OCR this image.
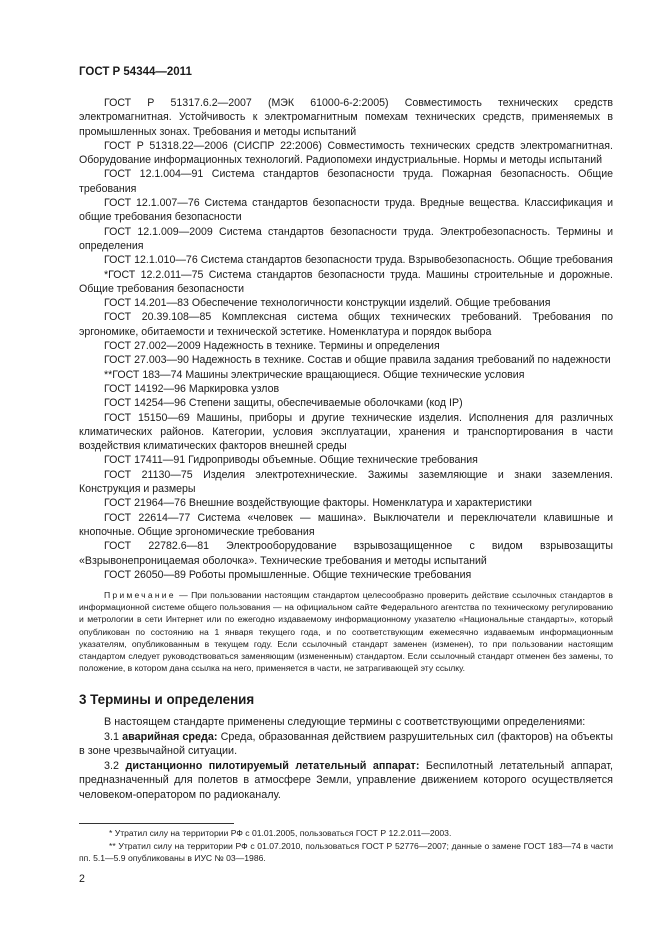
ГОСТ Р 54344—2011

ГОСТ Р 51317.6.2—2007 (МЭК 61000-6-2:2005) Совместимость технических средств электромагнитная. Устойчивость к электромагнитным помехам технических средств, применяемых в промышленных зонах. Требования и методы испытаний

ГОСТ Р 51318.22—2006 (СИСПР 22:2006) Совместимость технических средств электромагнитная. Оборудование информационных технологий. Радиопомехи индустриальные. Нормы и методы испытаний

ГОСТ 12.1.004—91 Система стандартов безопасности труда. Пожарная безопасность. Общие требования

ГОСТ 12.1.007—76 Система стандартов безопасности труда. Вредные вещества. Классификация и общие требования безопасности

ГОСТ 12.1.009—2009 Система стандартов безопасности труда. Электробезопасность. Термины и определения

ГОСТ 12.1.010—76 Система стандартов безопасности труда. Взрывобезопасность. Общие требования

*ГОСТ 12.2.011—75 Система стандартов безопасности труда. Машины строительные и дорожные. Общие требования безопасности

ГОСТ 14.201—83 Обеспечение технологичности конструкции изделий. Общие требования

ГОСТ 20.39.108—85 Комплексная система общих технических требований. Требования по эргономике, обитаемости и технической эстетике. Номенклатура и порядок выбора

ГОСТ 27.002—2009 Надежность в технике. Термины и определения

ГОСТ 27.003—90 Надежность в технике. Состав и общие правила задания требований по надежности

**ГОСТ 183—74 Машины электрические вращающиеся. Общие технические условия

ГОСТ 14192—96 Маркировка узлов

ГОСТ 14254—96 Степени защиты, обеспечиваемые оболочками (код IP)

ГОСТ 15150—69 Машины, приборы и другие технические изделия. Исполнения для различных климатических районов. Категории, условия эксплуатации, хранения и транспортирования в части воздействия климатических факторов внешней среды

ГОСТ 17411—91 Гидроприводы объемные. Общие технические требования

ГОСТ 21130—75 Изделия электротехнические. Зажимы заземляющие и знаки заземления. Конструкция и размеры

ГОСТ 21964—76 Внешние воздействующие факторы. Номенклатура и характеристики

ГОСТ 22614—77 Система «человек — машина». Выключатели и переключатели клавишные и кнопочные. Общие эргономические требования

ГОСТ 22782.6—81 Электрооборудование взрывозащищенное с видом взрывозащиты «Взрывонепроницаемая оболочка». Технические требования и методы испытаний

ГОСТ 26050—89 Роботы промышленные. Общие технические требования

Примечание — При пользовании настоящим стандартом целесообразно проверить действие ссылочных стандартов в информационной системе общего пользования — на официальном сайте Федерального агентства по техническому регулированию и метрологии в сети Интернет или по ежегодно издаваемому информационному указателю «Национальные стандарты», который опубликован по состоянию на 1 января текущего года, и по соответствующим ежемесячно издаваемым информационным указателям, опубликованным в текущем году. Если ссылочный стандарт заменен (изменен), то при пользовании настоящим стандартом следует руководствоваться заменяющим (измененным) стандартом. Если ссылочный стандарт отменен без замены, то положение, в котором дана ссылка на него, применяется в части, не затрагивающей эту ссылку.

3 Термины и определения

В настоящем стандарте применены следующие термины с соответствующими определениями:

3.1 аварийная среда: Среда, образованная действием разрушительных сил (факторов) на объекты в зоне чрезвычайной ситуации.

3.2 дистанционно пилотируемый летательный аппарат: Беспилотный летательный аппарат, предназначенный для полетов в атмосфере Земли, управление движением которого осуществляется человеком-оператором по радиоканалу.

* Утратил силу на территории РФ с 01.01.2005, пользоваться ГОСТ Р 12.2.011—2003.

** Утратил силу на территории РФ с 01.07.2010, пользоваться ГОСТ Р 52776—2007; данные о замене ГОСТ 183—74 в части пп. 5.1—5.9 опубликованы в ИУС № 03—1986.

2
